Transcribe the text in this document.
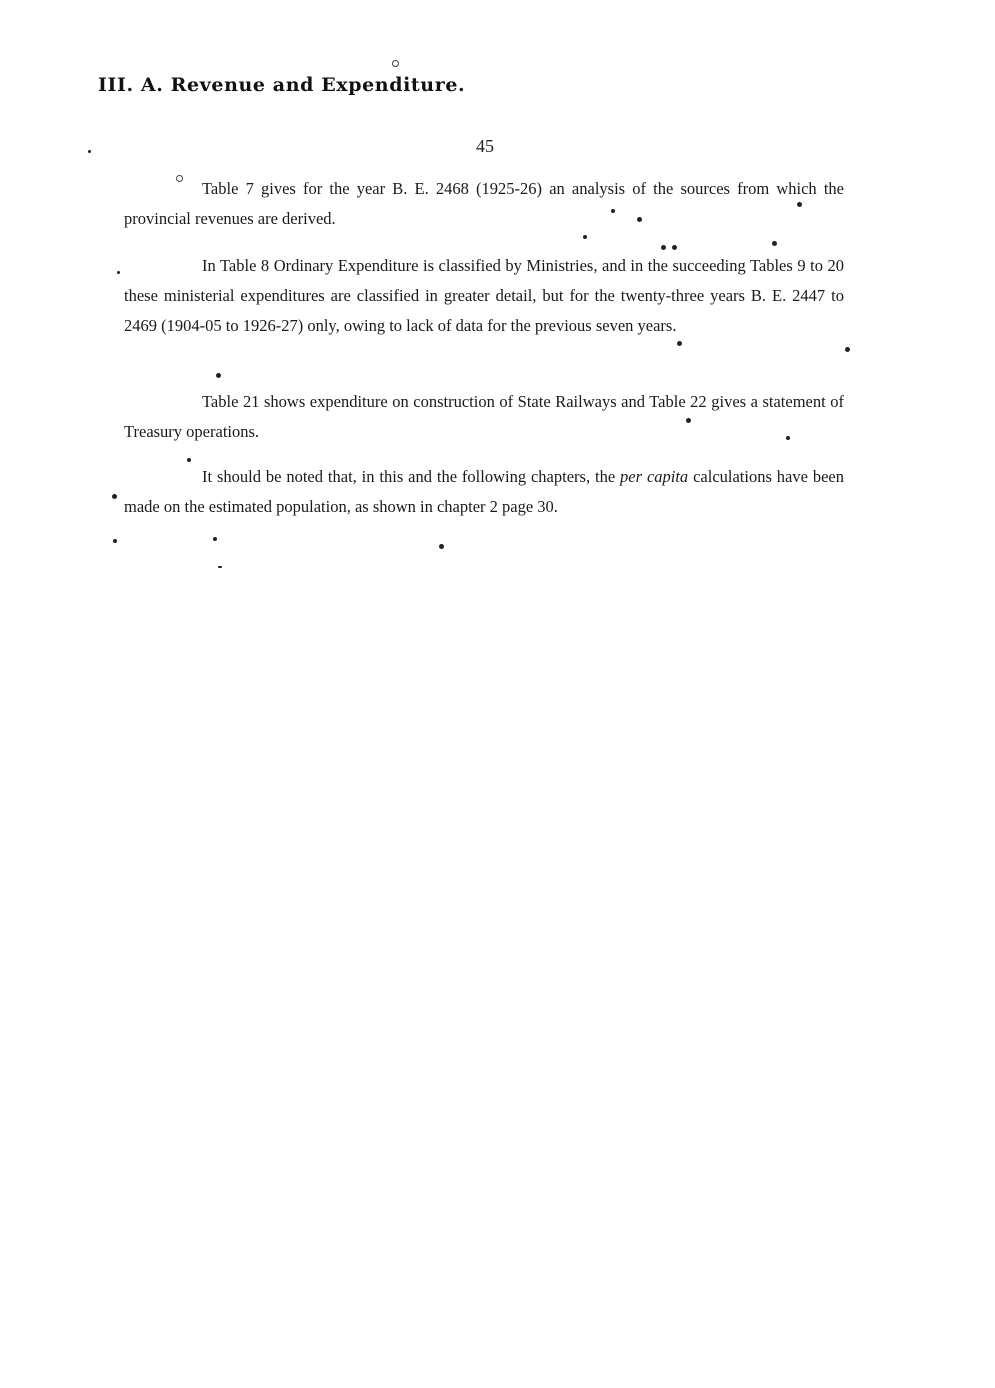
III. A. Revenue and Expenditure.
45

Table 7 gives for the year B. E. 2468 (1925-26) an analysis of the sources from which the provincial revenues are derived.

In Table 8 Ordinary Expenditure is classified by Ministries, and in the succeeding Tables 9 to 20 these ministerial expenditures are classified in greater detail, but for the twenty-three years B. E. 2447 to 2469 (1904-05 to 1926-27) only, owing to lack of data for the previous seven years.

Table 21 shows expenditure on construction of State Railways and Table 22 gives a statement of Treasury operations.

It should be noted that, in this and the following chapters, the per capita calculations have been made on the estimated population, as shown in chapter 2 page 30.
